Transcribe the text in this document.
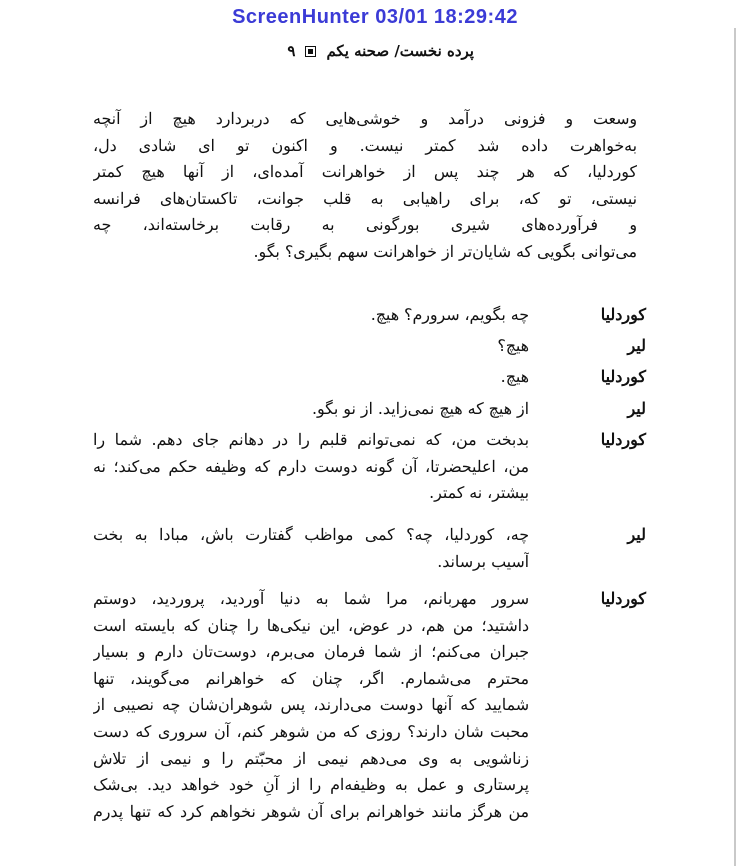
ScreenHunter 03/01 18:29:42
پرده نخست/ صحنه یکم
۹
وسعت و فزونی درآمد و خوشی‌هایی که دربردارد هیچ از آنچه
به‌خواهرت داده شد کمتر نیست. و اکنون تو ای شادی دل،
کوردلیا، که هر چند پس از خواهرانت آمده‌ای، از آنها هیچ کمتر
نیستی، تو که، برای راهیابی به قلب جوانت، تاکستان‌های فرانسه
و فرآورده‌های شیری بورگونی به رقابت برخاسته‌اند، چه
می‌توانی بگویی که شایان‌تر از خواهرانت سهم بگیری؟ بگو.
کوردلیا
چه بگویم، سرورم؟ هیچ.
لیر
هیچ؟
کوردلیا
هیچ.
لیر
از هیچ که هیچ نمی‌زاید. از نو بگو.
کوردلیا
بدبخت من، که نمی‌توانم قلبم را در دهانم جای دهم. شما را
من، اعلیحضرتا، آن گونه دوست دارم که وظیفه حکم می‌کند؛ نه
بیشتر، نه کمتر.
لیر
چه، کوردلیا، چه؟ کمی مواظب گفتارت باش، مبادا به بخت
آسیب برساند.
کوردلیا
سرور مهربانم، مرا شما به دنیا آوردید، پروردید، دوستم
داشتید؛ من هم، در عوض، این نیکی‌ها را چنان که بایسته است
جبران می‌کنم؛ از شما فرمان می‌برم، دوست‌تان دارم و بسیار
محترم می‌شمارم. اگر، چنان که خواهرانم می‌گویند، تنها
شمایید که آنها دوست می‌دارند، پس شوهران‌شان چه نصیبی از
محبت شان دارند؟ روزی که من شوهر کنم، آن سروری که دست
زناشویی به وی می‌دهم نیمی از محبّتم را و نیمی از تلاش
پرستاری و عمل به وظیفه‌ام را از آنِ خود خواهد دید. بی‌شک
من هرگز مانند خواهرانم برای آن شوهر نخواهم کرد که تنها پدرم
